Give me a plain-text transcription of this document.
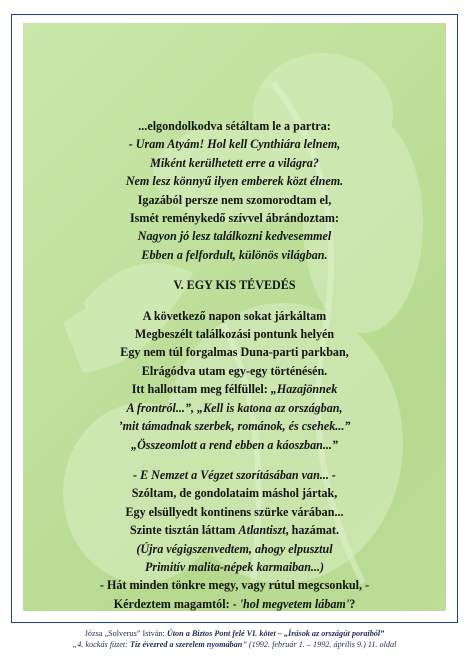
...elgondolkodva sétáltam le a partra:
- Uram Atyám! Hol kell Cynthiára lelnem,
Miként kerülhetett erre a világra?
Nem lesz könnyű ilyen emberek közt élnem.
Igazából persze nem szomorodtam el,
Ismét reménykedő szívvel ábrándoztam:
Nagyon jó lesz találkozni kedvesemmel
Ebben a felfordult, különös világban.
V. EGY KIS TÉVEDÉS
A következő napon sokat járkáltam
Megbeszélt találkozási pontunk helyén
Egy nem túl forgalmas Duna-parti parkban,
Elrágódva utam egy-egy történésén.
Itt hallottam meg félfüllel: „Hazajönnek
A frontról...”, „Kell is katona az országban,
’mit támadnak szerbek, románok, és csehek...”
„Összeomlott a rend ebben a káoszban...”
- E Nemzet a Végzet szorításában van... -
Szóltam, de gondolataim máshol jártak,
Egy elsüllyedt kontinens szürke várában...
Szinte tisztán láttam Atlantiszt, hazámat.
(Újra végigszenvedtem, ahogy elpusztul
Primitív malita-népek karmaiban...)
- Hát minden tönkre megy, vagy rútul megcsonkul, -
Kérdeztem magamtól: - 'hol megvetem lábam'?
Józsa „Solverus” István: Úton a Biztos Pont felé VI. kötet – „Írások az országút poraiból”
„4. kockás füzet: Tíz évezred a szerelem nyomában” (1992. február 1. – 1992. április 9.) 11. oldal
